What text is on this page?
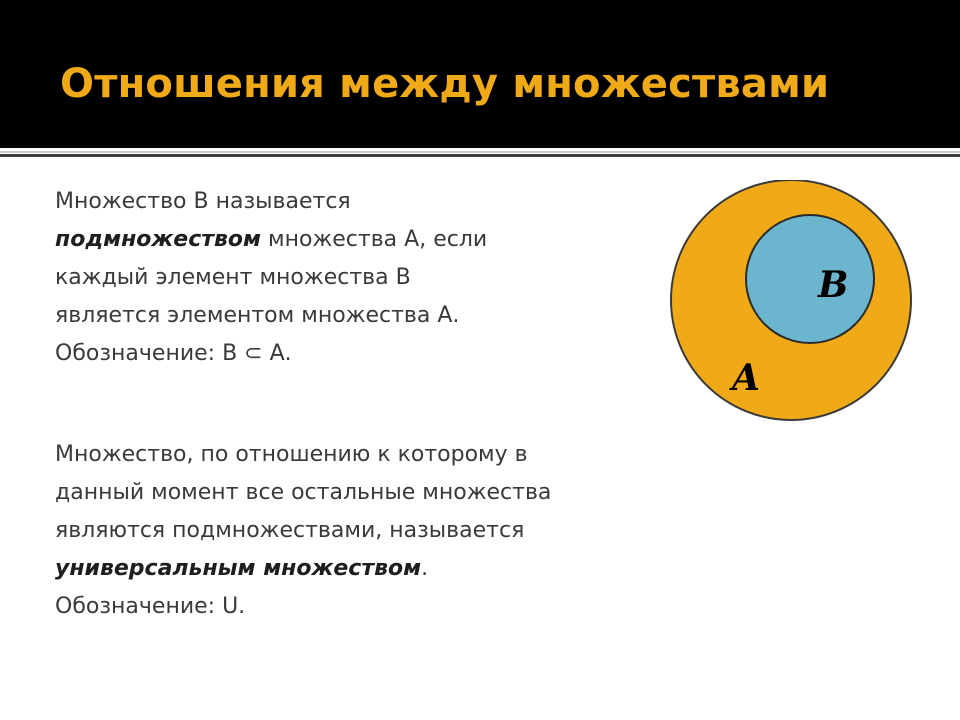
Отношения между множествами

Множество В называется
подмножеством множества А, если
каждый элемент множества В
является элементом множества А.
Обозначение: В ⊂ А.

Множество, по отношению к которому в
данный момент все остальные множества
являются подмножествами, называется
универсальным множеством.
Обозначение: U.

B
A
